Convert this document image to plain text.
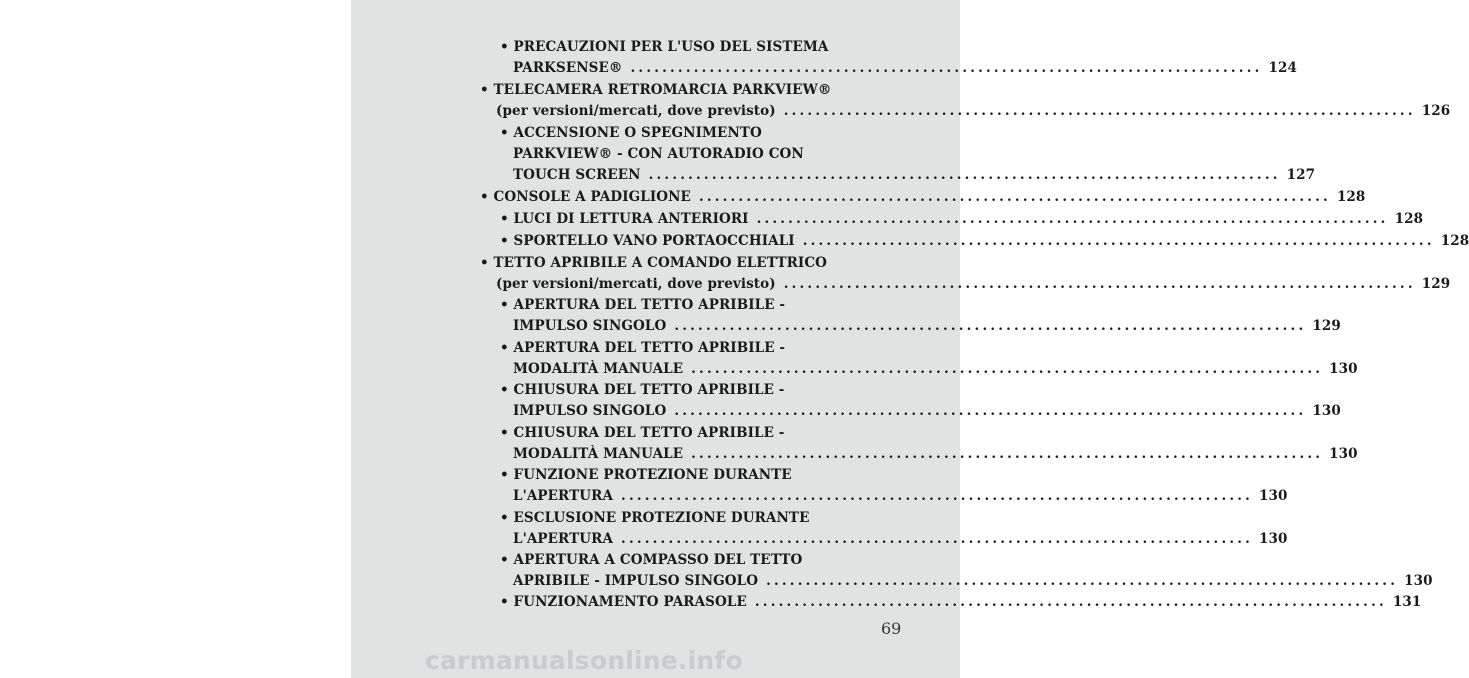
• PRECAUZIONI PER L'USO DEL SISTEMA
PARKSENSE® ................................................................................ 124
• TELECAMERA RETROMARCIA PARKVIEW®
(per versioni/mercati, dove previsto) ................................................................................ 126
• ACCENSIONE O SPEGNIMENTO
PARKVIEW® - CON AUTORADIO CON
TOUCH SCREEN ................................................................................ 127
• CONSOLE A PADIGLIONE ................................................................................ 128
• LUCI DI LETTURA ANTERIORI ................................................................................ 128
• SPORTELLO VANO PORTAOCCHIALI ................................................................................ 128
• TETTO APRIBILE A COMANDO ELETTRICO
(per versioni/mercati, dove previsto) ................................................................................ 129
• APERTURA DEL TETTO APRIBILE -
IMPULSO SINGOLO ................................................................................ 129
• APERTURA DEL TETTO APRIBILE -
MODALITÀ MANUALE ................................................................................ 130
• CHIUSURA DEL TETTO APRIBILE -
IMPULSO SINGOLO ................................................................................ 130
• CHIUSURA DEL TETTO APRIBILE -
MODALITÀ MANUALE ................................................................................ 130
• FUNZIONE PROTEZIONE DURANTE
L'APERTURA ................................................................................ 130
• ESCLUSIONE PROTEZIONE DURANTE
L'APERTURA ................................................................................ 130
• APERTURA A COMPASSO DEL TETTO
APRIBILE - IMPULSO SINGOLO ................................................................................ 130
• FUNZIONAMENTO PARASOLE ................................................................................ 131
69
carmanualsonline.info
